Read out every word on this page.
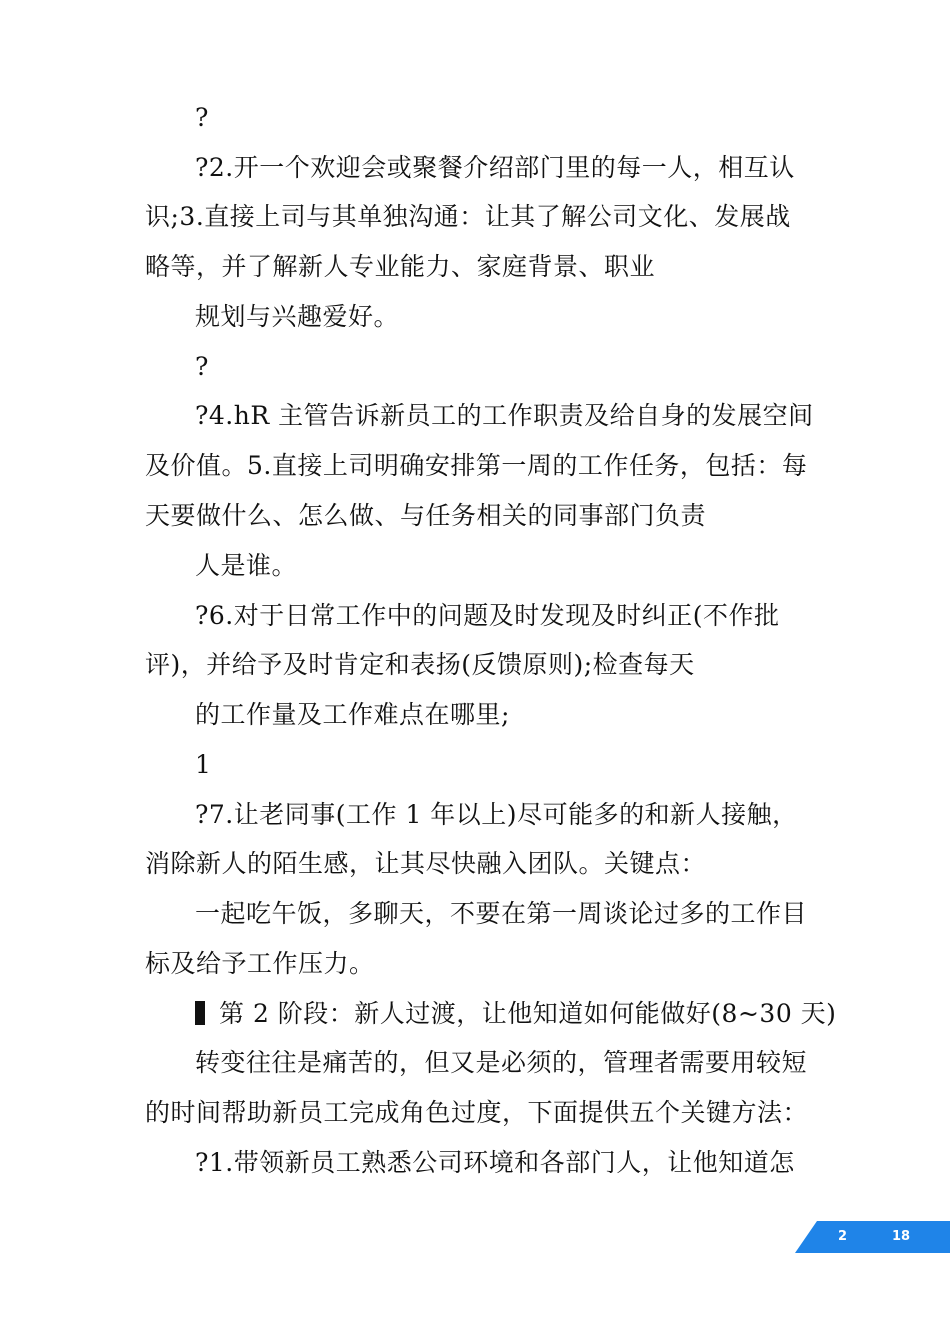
?
?2.开一个欢迎会或聚餐介绍部门里的每一人，相互认
识;3.直接上司与其单独沟通：让其了解公司文化、发展战
略等，并了解新人专业能力、家庭背景、职业
规划与兴趣爱好。
?
?4.hR 主管告诉新员工的工作职责及给自身的发展空间
及价值。5.直接上司明确安排第一周的工作任务，包括：每
天要做什么、怎么做、与任务相关的同事部门负责
人是谁。
?6.对于日常工作中的问题及时发现及时纠正(不作批
评)，并给予及时肯定和表扬(反馈原则);检查每天
的工作量及工作难点在哪里;
1
?7.让老同事(工作 1 年以上)尽可能多的和新人接触，
消除新人的陌生感，让其尽快融入团队。关键点：
一起吃午饭，多聊天，不要在第一周谈论过多的工作目
标及给予工作压力。
第 2 阶段：新人过渡，让他知道如何能做好(8~30 天)
转变往往是痛苦的，但又是必须的，管理者需要用较短
的时间帮助新员工完成角色过度，下面提供五个关键方法：
?1.带领新员工熟悉公司环境和各部门人，让他知道怎
2	18
